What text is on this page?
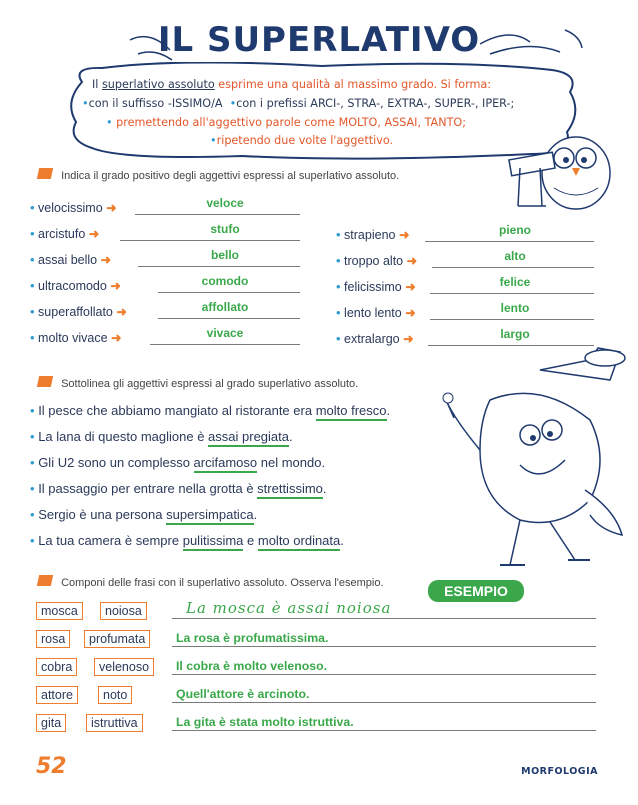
IL SUPERLATIVO
Il superlativo assoluto esprime una qualità al massimo grado. Si forma:
•con il suffisso -ISSIMO/A •con i prefissi ARCI-, STRA-, EXTRA-, SUPER-, IPER-;
• premettendo all'aggettivo parole come MOLTO, ASSAI, TANTO;
•ripetendo due volte l'aggettivo.
Indica il grado positivo degli aggettivi espressi al superlativo assoluto.
• velocissimo ➜	veloce
• arcistufo ➜	stufo
• assai bello ➜	bello
• ultracomodo ➜	comodo
• superaffollato ➜	affollato
• molto vivace ➜	vivace
• strapieno ➜	pieno
• troppo alto ➜	alto
• felicissimo ➜	felice
• lento lento ➜	lento
• extralargo ➜	largo
Sottolinea gli aggettivi espressi al grado superlativo assoluto.
• Il pesce che abbiamo mangiato al ristorante era molto fresco.
• La lana di questo maglione è assai pregiata.
• Gli U2 sono un complesso arcifamoso nel mondo.
• Il passaggio per entrare nella grotta è strettissimo.
• Sergio è una persona supersimpatica.
• La tua camera è sempre pulitissima e molto ordinata.
Componi delle frasi con il superlativo assoluto. Osserva l'esempio.	ESEMPIO
mosca	noiosa	La mosca è assai noiosa
rosa	profumata	La rosa è profumatissima.
cobra	velenoso	Il cobra è molto velenoso.
attore	noto	Quell'attore è arcinoto.
gita	istruttiva	La gita è stata molto istruttiva.
52	MORFOLOGIA
